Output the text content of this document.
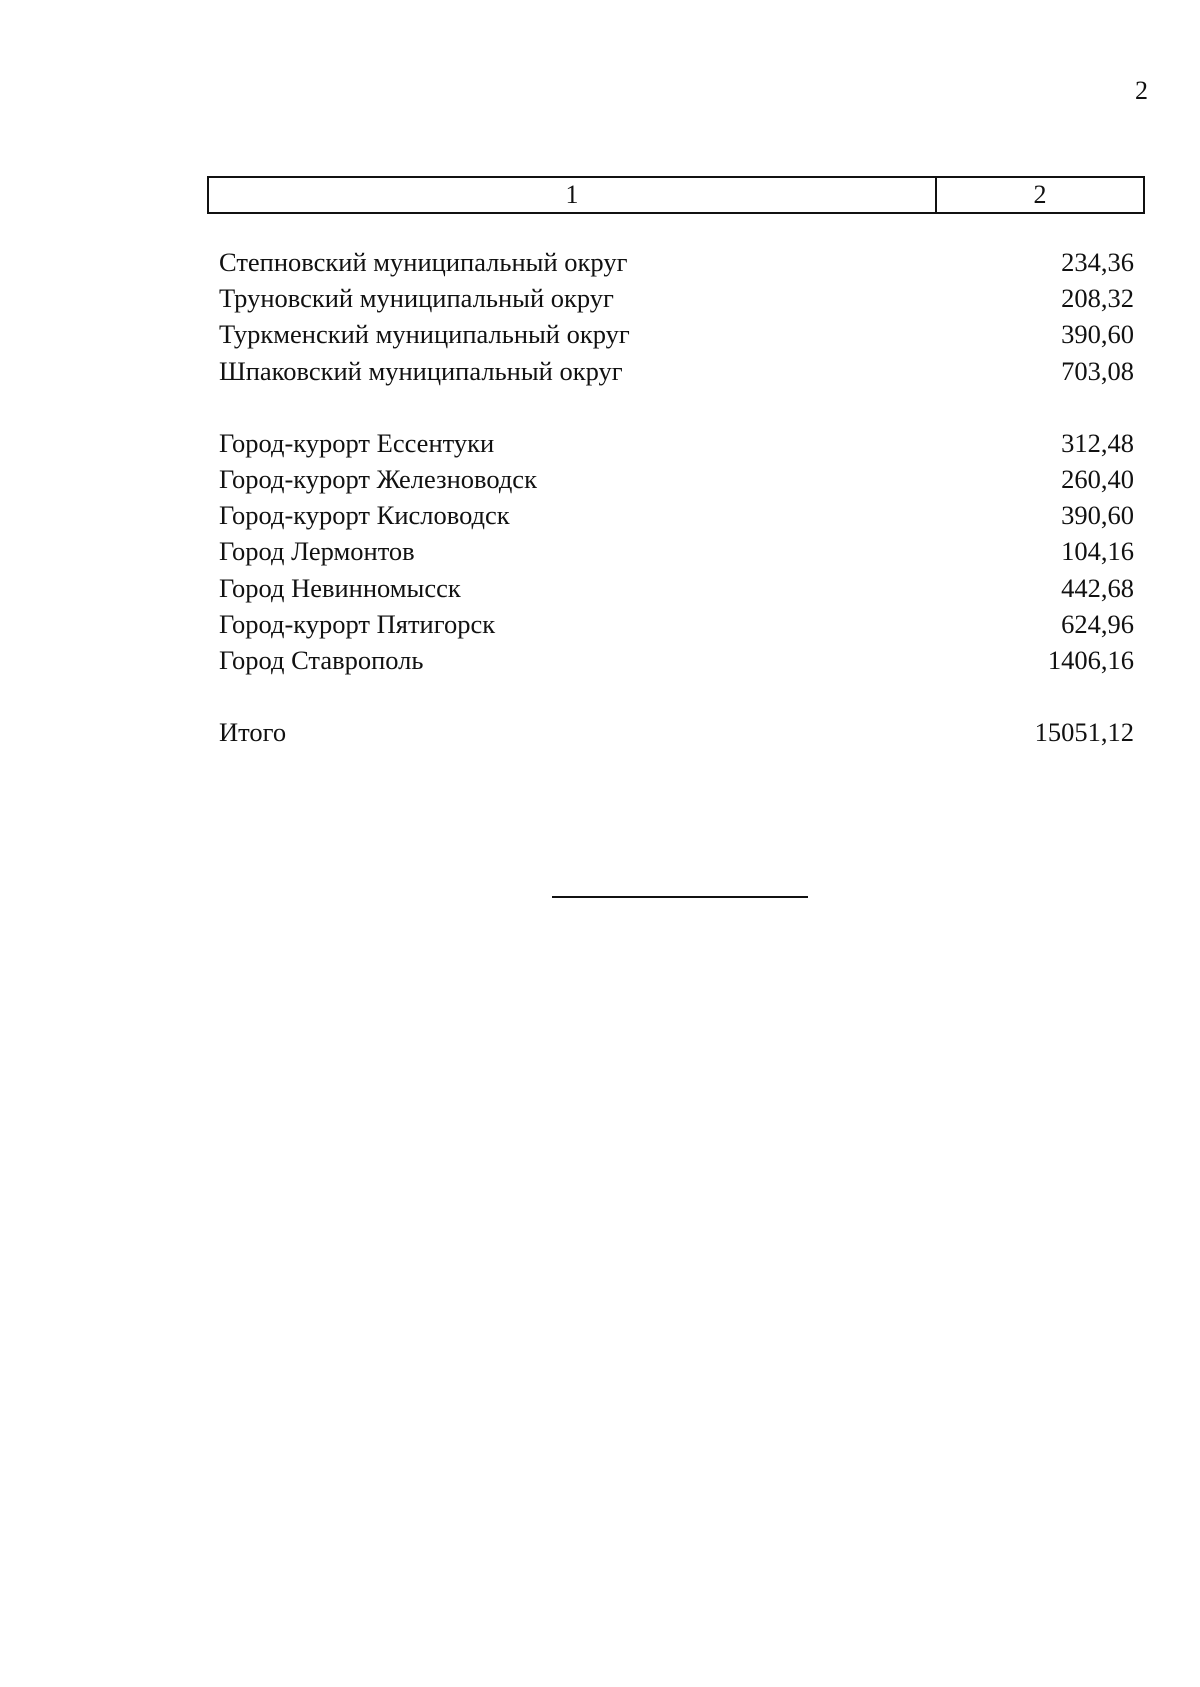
2
1	2
Степновский муниципальный округ	234,36
Труновский муниципальный округ	208,32
Туркменский муниципальный округ	390,60
Шпаковский муниципальный округ	703,08
Город-курорт Ессентуки	312,48
Город-курорт Железноводск	260,40
Город-курорт Кисловодск	390,60
Город Лермонтов	104,16
Город Невинномысск	442,68
Город-курорт Пятигорск	624,96
Город Ставрополь	1406,16
Итого	15051,12
